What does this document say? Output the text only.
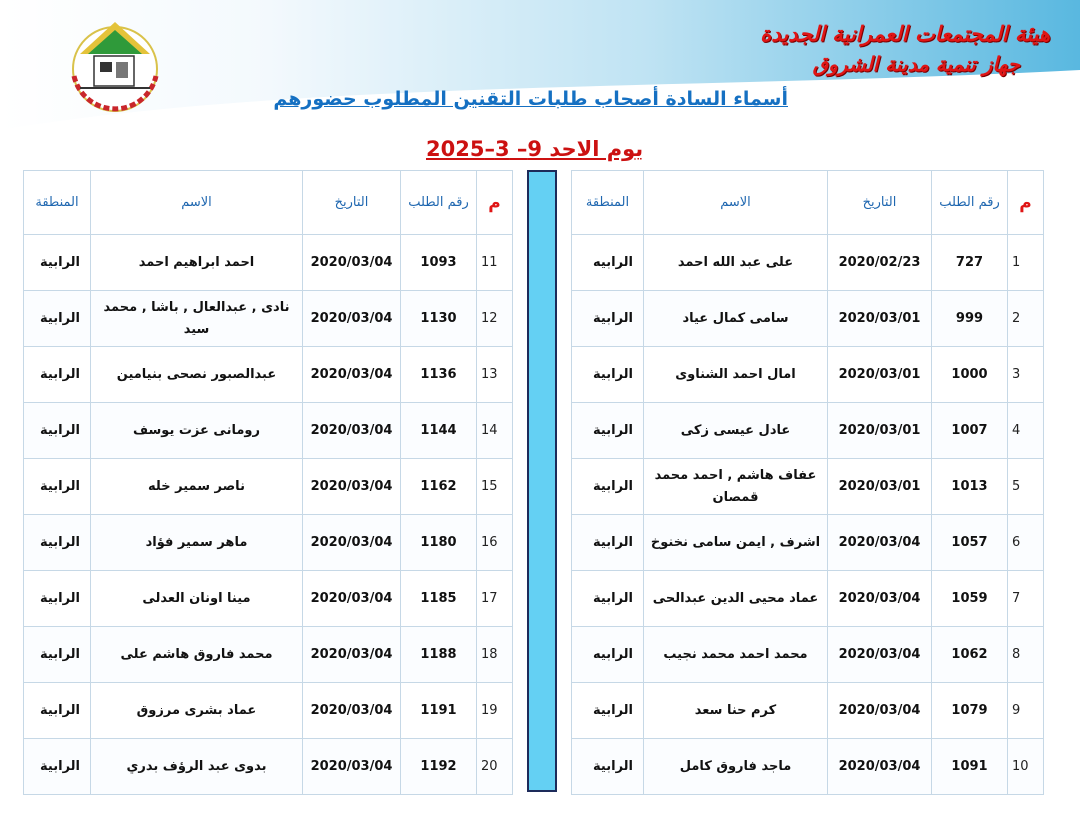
هيئة المجتمعات العمرانية الجديدة
جهاز تنمية مدينة الشروق
أسماء السادة أصحاب طلبات التقنين المطلوب حضورهم
يوم الاحد 9– 3–2025
م	رقم الطلب	التاريخ	الاسم	المنطقة
1	727	2020/02/23	على عبد الله احمد	الرابيه
2	999	2020/03/01	سامى كمال عياد	الرابية
3	1000	2020/03/01	امال احمد الشناوى	الرابية
4	1007	2020/03/01	عادل عيسى زكى	الرابية
5	1013	2020/03/01	عفاف هاشم , احمد محمد قمصان	الرابية
6	1057	2020/03/04	اشرف , ايمن سامى نخنوخ	الرابية
7	1059	2020/03/04	عماد محيى الدين عبدالحى	الرابية
8	1062	2020/03/04	محمد احمد محمد نجيب	الرابيه
9	1079	2020/03/04	كرم حنا سعد	الرابية
10	1091	2020/03/04	ماجد فاروق كامل	الرابية
م	رقم الطلب	التاريخ	الاسم	المنطقة
11	1093	2020/03/04	احمد ابراهيم احمد	الرابية
12	1130	2020/03/04	نادى , عبدالعال , باشا , محمد سيد	الرابية
13	1136	2020/03/04	عبدالصبور نصحى بنيامين	الرابية
14	1144	2020/03/04	رومانى عزت يوسف	الرابية
15	1162	2020/03/04	ناصر سمير خله	الرابية
16	1180	2020/03/04	ماهر سمير فؤاد	الرابية
17	1185	2020/03/04	مينا اونان العدلى	الرابية
18	1188	2020/03/04	محمد فاروق هاشم على	الرابية
19	1191	2020/03/04	عماد بشرى مرزوق	الرابية
20	1192	2020/03/04	بدوى عبد الرؤف بدري	الرابية
